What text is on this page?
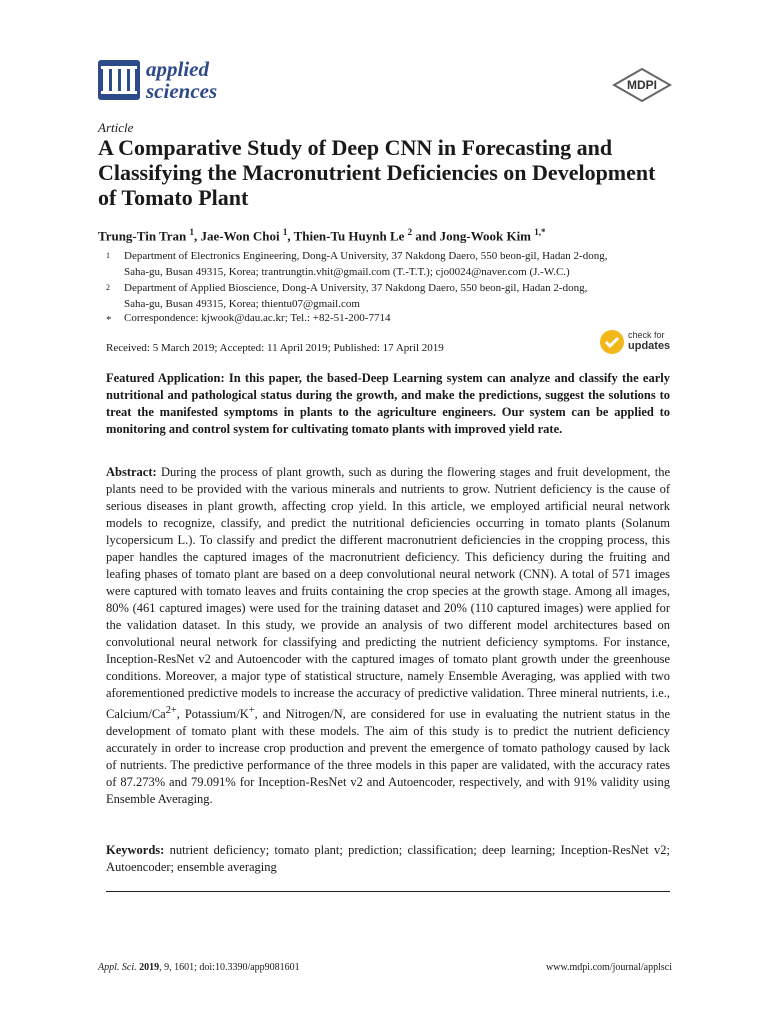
applied
sciences	MDPI
Article
A Comparative Study of Deep CNN in Forecasting and Classifying the Macronutrient Deficiencies on Development of Tomato Plant
Trung-Tin Tran $^1$, Jae-Won Choi $^1$, Thien-Tu Huynh Le $^2$ and Jong-Wook Kim $^{1,*}$
1 Department of Electronics Engineering, Dong-A University, 37 Nakdong Daero, 550 beon-gil, Hadan 2-dong,
Saha-gu, Busan 49315, Korea; trantrungtin.vhit@gmail.com (T.-T.T.); cjo0024@naver.com (J.-W.C.)
2 Department of Applied Bioscience, Dong-A University, 37 Nakdong Daero, 550 beon-gil, Hadan 2-dong,
Saha-gu, Busan 49315, Korea; thientu07@gmail.com
* Correspondence: kjwook@dau.ac.kr; Tel.: +82-51-200-7714
Received: 5 March 2019; Accepted: 11 April 2019; Published: 17 April 2019
check for
updates

Featured Application: In this paper, the based-Deep Learning system can analyze and classify the early nutritional and pathological status during the growth, and make the predictions, suggest the solutions to treat the manifested symptoms in plants to the agriculture engineers. Our system can be applied to monitoring and control system for cultivating tomato plants with improved yield rate.

Abstract: During the process of plant growth, such as during the flowering stages and fruit development, the plants need to be provided with the various minerals and nutrients to grow. Nutrient deficiency is the cause of serious diseases in plant growth, affecting crop yield. In this article, we employed artificial neural network models to recognize, classify, and predict the nutritional deficiencies occurring in tomato plants (Solanum lycopersicum L.). To classify and predict the different macronutrient deficiencies in the cropping process, this paper handles the captured images of the macronutrient deficiency. This deficiency during the fruiting and leafing phases of tomato plant are based on a deep convolutional neural network (CNN). A total of 571 images were captured with tomato leaves and fruits containing the crop species at the growth stage. Among all images, 80% (461 captured images) were used for the training dataset and 20% (110 captured images) were applied for the validation dataset. In this study, we provide an analysis of two different model architectures based on convolutional neural network for classifying and predicting the nutrient deficiency symptoms. For instance, Inception-ResNet v2 and Autoencoder with the captured images of tomato plant growth under the greenhouse conditions. Moreover, a major type of statistical structure, namely Ensemble Averaging, was applied with two aforementioned predictive models to increase the accuracy of predictive validation. Three mineral nutrients, i.e., Calcium/$Ca^{2+}$, Potassium/K+, and Nitrogen/N, are considered for use in evaluating the nutrient status in the development of tomato plant with these models. The aim of this study is to predict the nutrient deficiency accurately in order to increase crop production and prevent the emergence of tomato pathology caused by lack of nutrients. The predictive performance of the three models in this paper are validated, with the accuracy rates of 87.273% and 79.091% for Inception-ResNet v2 and Autoencoder, respectively, and with 91% validity using Ensemble Averaging.

Keywords: nutrient deficiency; tomato plant; prediction; classification; deep learning; Inception-ResNet v2; Autoencoder; ensemble averaging

Appl. Sci. 2019, 9, 1601; doi:10.3390/app9081601	www.mdpi.com/journal/applsci
